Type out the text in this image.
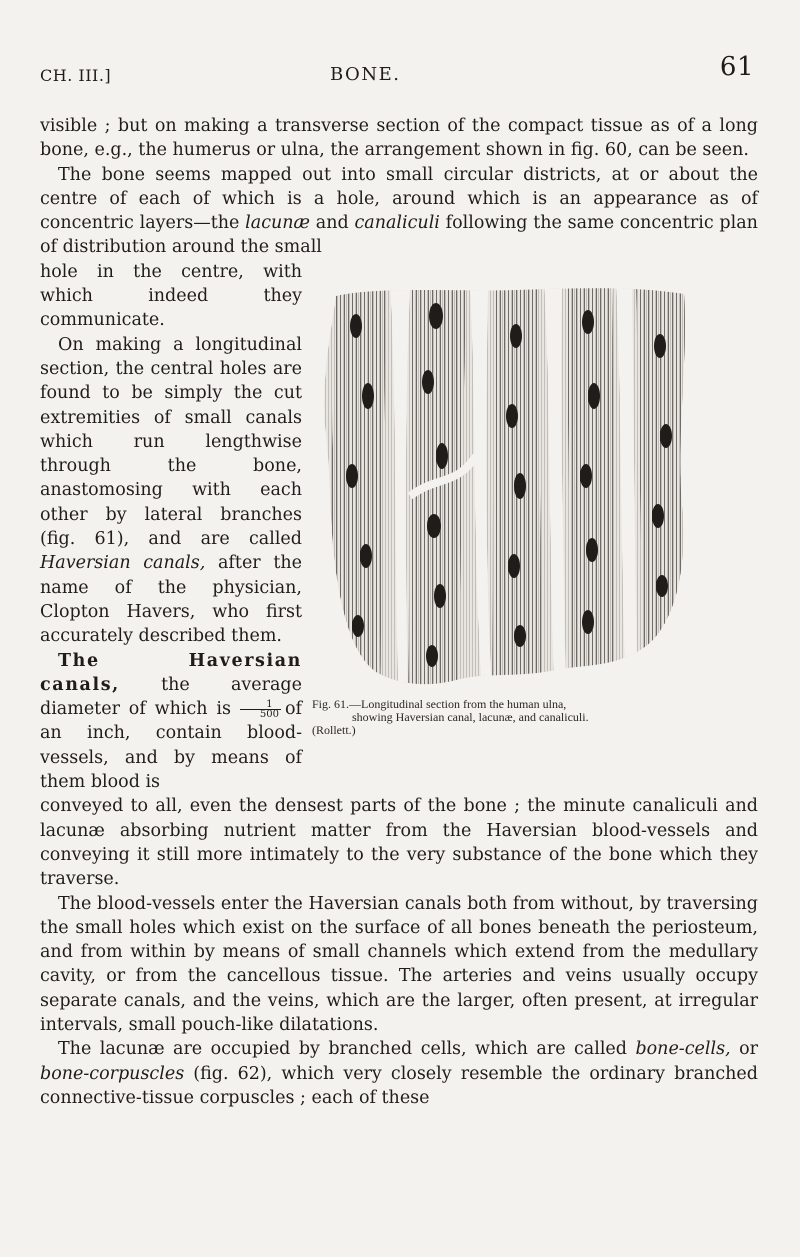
CH. III.]	BONE.	61

visible ; but on making a transverse section of the compact tissue as of a long bone, e.g., the humerus or ulna, the arrangement shown in fig. 60, can be seen.

The bone seems mapped out into small circular districts, at or about the centre of each of which is a hole, around which is an appearance as of concentric layers—the lacunæ and canaliculi following the same concentric plan of distribution around the small

hole in the centre, with which indeed they communicate.

On making a longitudinal section, the central holes are found to be simply the cut extremities of small canals which run lengthwise through the bone, anastomosing with each other by lateral branches (fig. 61), and are called Haversian canals, after the name of the physician, Clopton Havers, who first accurately described them.

The Haversian canals, the average diameter of which is $\frac{1}{500}$ of an inch, contain blood-vessels, and by means of them blood is

conveyed to all, even the densest parts of the bone ; the minute canaliculi and lacunæ absorbing nutrient matter from the Haversian blood-vessels and conveying it still more intimately to the very substance of the bone which they traverse.

The blood-vessels enter the Haversian canals both from without, by traversing the small holes which exist on the surface of all bones beneath the periosteum, and from within by means of small channels which extend from the medullary cavity, or from the cancellous tissue. The arteries and veins usually occupy separate canals, and the veins, which are the larger, often present, at irregular intervals, small pouch-like dilatations.

The lacunæ are occupied by branched cells, which are called bone-cells, or bone-corpuscles (fig. 62), which very closely resemble the ordinary branched connective-tissue corpuscles ; each of these

Fig. 61.—Longitudinal section from the human ulna,
showing Haversian canal, lacunæ, and canaliculi.
(Rollett.)
